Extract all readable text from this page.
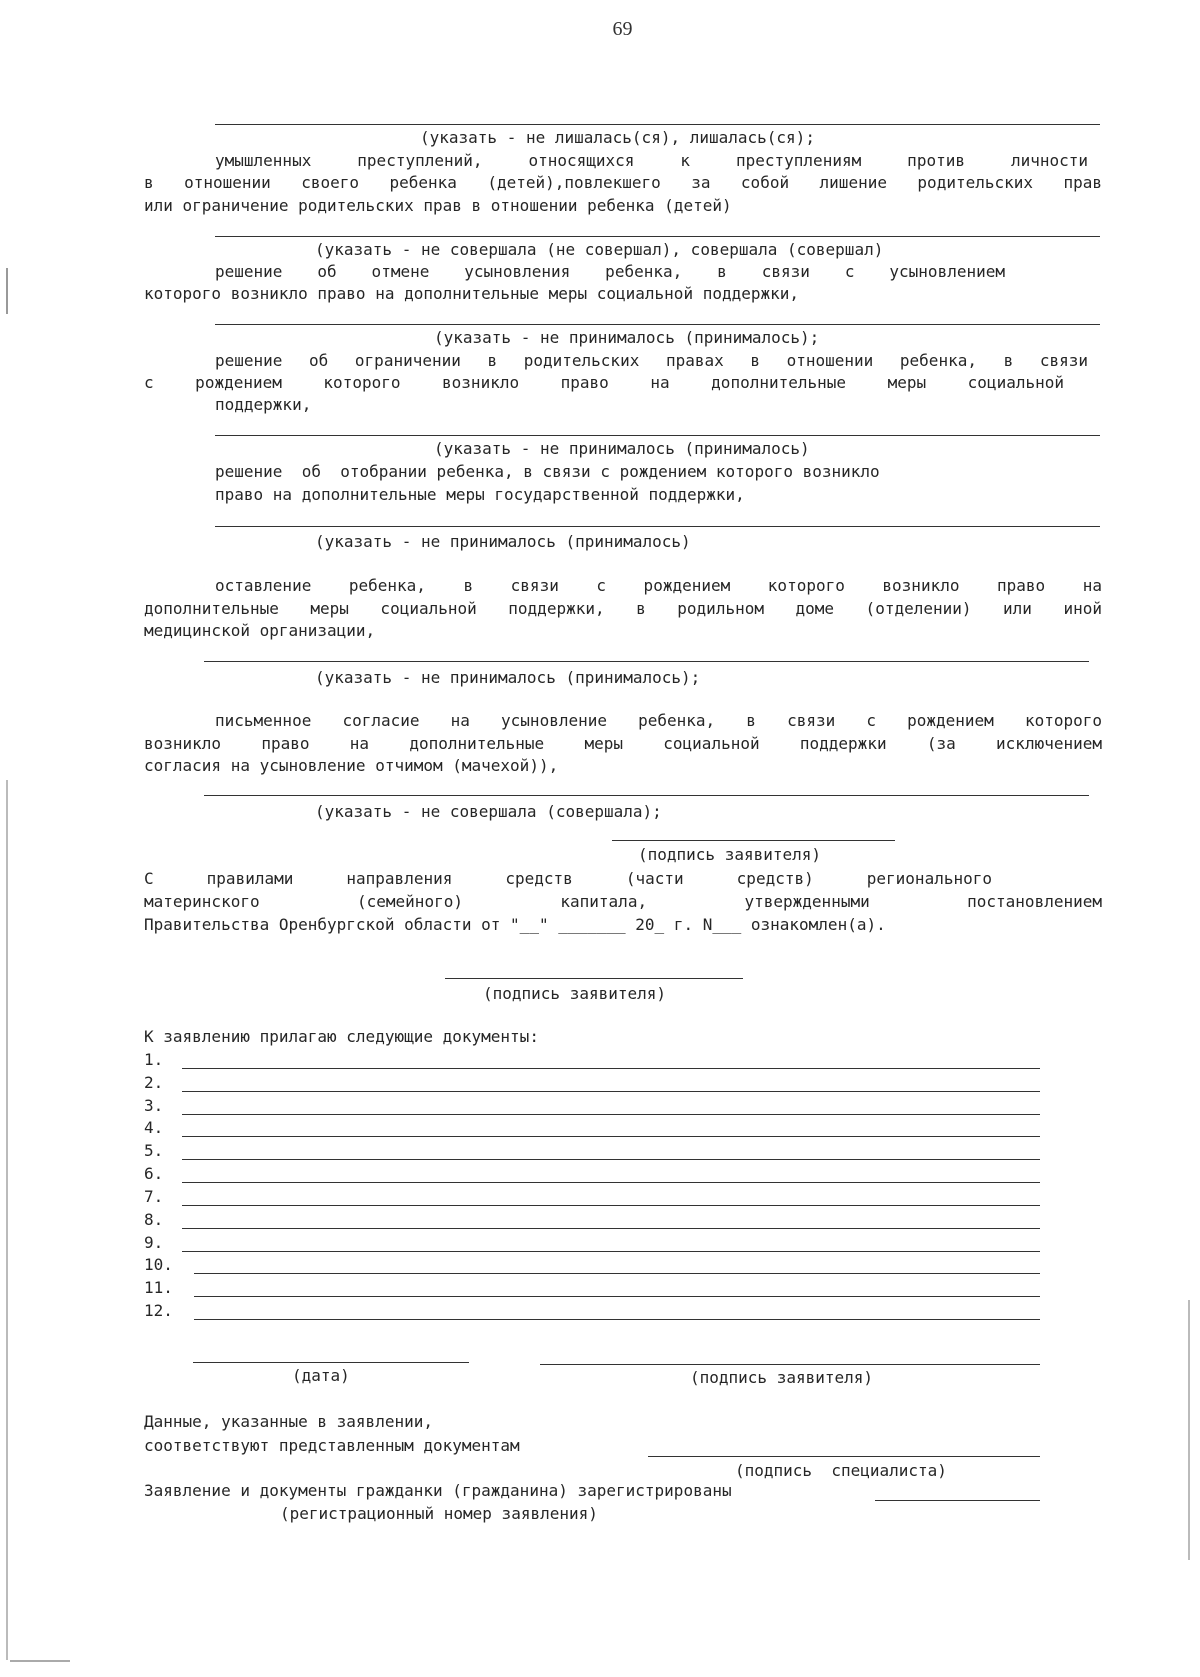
69
(указать - не лишалась(ся), лишалась(ся);
умышленных преступлений, относящихся к преступлениям против личности
в отношении своего ребенка (детей),повлекшего за собой лишение родительских прав
или ограничение родительских прав в отношении ребенка (детей)
(указать - не совершала (не совершал), совершала (совершал)
решение об отмене усыновления ребенка, в связи с усыновлением
которого возникло право на дополнительные меры социальной поддержки,
(указать - не принималось (принималось);
решение об ограничении в родительских правах в отношении ребенка, в связи
с рождением которого возникло право на дополнительные меры социальной
поддержки,
(указать - не принималось (принималось)
решение  об  отобрании ребенка, в связи с рождением которого возникло
право на дополнительные меры государственной поддержки,
(указать - не принималось (принималось)
оставление ребенка, в связи с рождением которого возникло право на
дополнительные меры социальной поддержки, в родильном доме (отделении) или иной
медицинской организации,
(указать - не принималось (принималось);
письменное согласие на усыновление ребенка, в связи с рождением которого
возникло право на дополнительные меры социальной поддержки (за исключением
согласия на усыновление отчимом (мачехой)),
(указать - не совершала (совершала);
(подпись заявителя)
С правилами направления средств (части средств) регионального
материнского (семейного) капитала, утвержденными постановлением
Правительства Оренбургской области от "__" _______ 20_ г. N___ ознакомлен(а).
(подпись заявителя)
К заявлению прилагаю следующие документы:
1.
2.
3.
4.
5.
6.
7.
8.
9.
10.
11.
12.
(дата)	(подпись заявителя)
Данные, указанные в заявлении,
соответствуют представленным документам
(подпись  специалиста)
Заявление и документы гражданки (гражданина) зарегистрированы
(регистрационный номер заявления)
